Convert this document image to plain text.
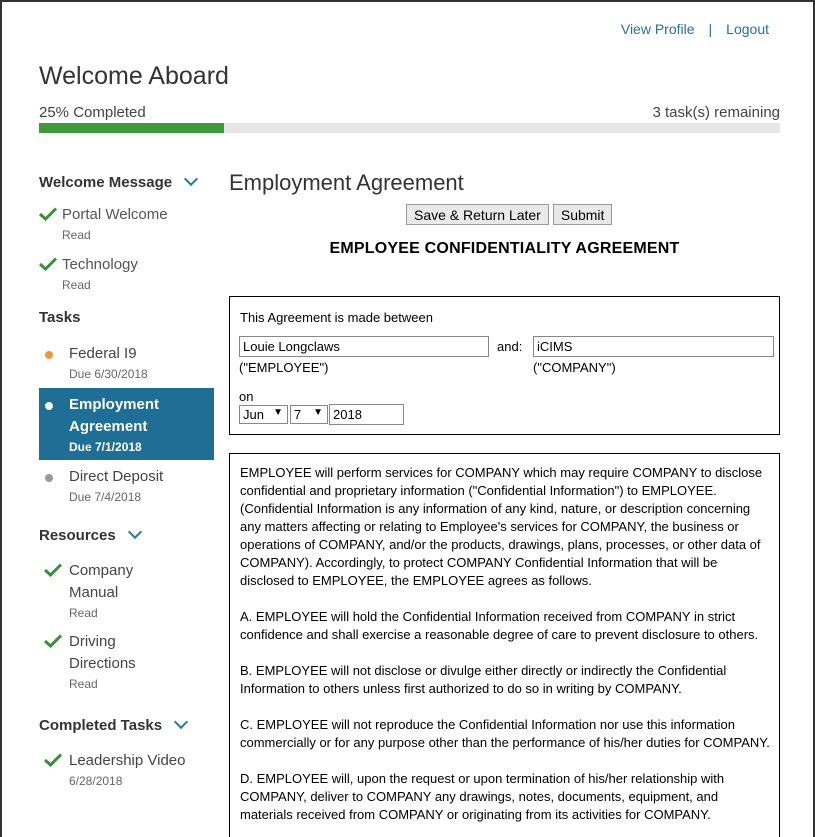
View Profile | Logout
Welcome Aboard
25% Completed	3 task(s) remaining
Welcome Message
Portal Welcome
Read
Technology
Read
Tasks
Federal I9
Due 6/30/2018
Employment
Agreement
Due 7/1/2018
Direct Deposit
Due 7/4/2018
Resources
Company
Manual
Read
Driving
Directions
Read
Completed Tasks
Leadership Video
6/28/2018
Employment Agreement
Save & Return Later	Submit
EMPLOYEE CONFIDENTIALITY AGREEMENT
This Agreement is made between
Louie Longclaws
("EMPLOYEE")
and:	iCIMS
("COMPANY")
on
Jun ▼ 7 ▼ 2018

EMPLOYEE will perform services for COMPANY which may require COMPANY to disclose confidential and proprietary information ("Confidential Information") to EMPLOYEE. (Confidential Information is any information of any kind, nature, or description concerning any matters affecting or relating to Employee's services for COMPANY, the business or operations of COMPANY, and/or the products, drawings, plans, processes, or other data of COMPANY). Accordingly, to protect COMPANY Confidential Information that will be disclosed to EMPLOYEE, the EMPLOYEE agrees as follows.

A. EMPLOYEE will hold the Confidential Information received from COMPANY in strict confidence and shall exercise a reasonable degree of care to prevent disclosure to others.

B. EMPLOYEE will not disclose or divulge either directly or indirectly the Confidential Information to others unless first authorized to do so in writing by COMPANY.

C. EMPLOYEE will not reproduce the Confidential Information nor use this information commercially or for any purpose other than the performance of his/her duties for COMPANY.

D. EMPLOYEE will, upon the request or upon termination of his/her relationship with COMPANY, deliver to COMPANY any drawings, notes, documents, equipment, and materials received from COMPANY or originating from its activities for COMPANY.
